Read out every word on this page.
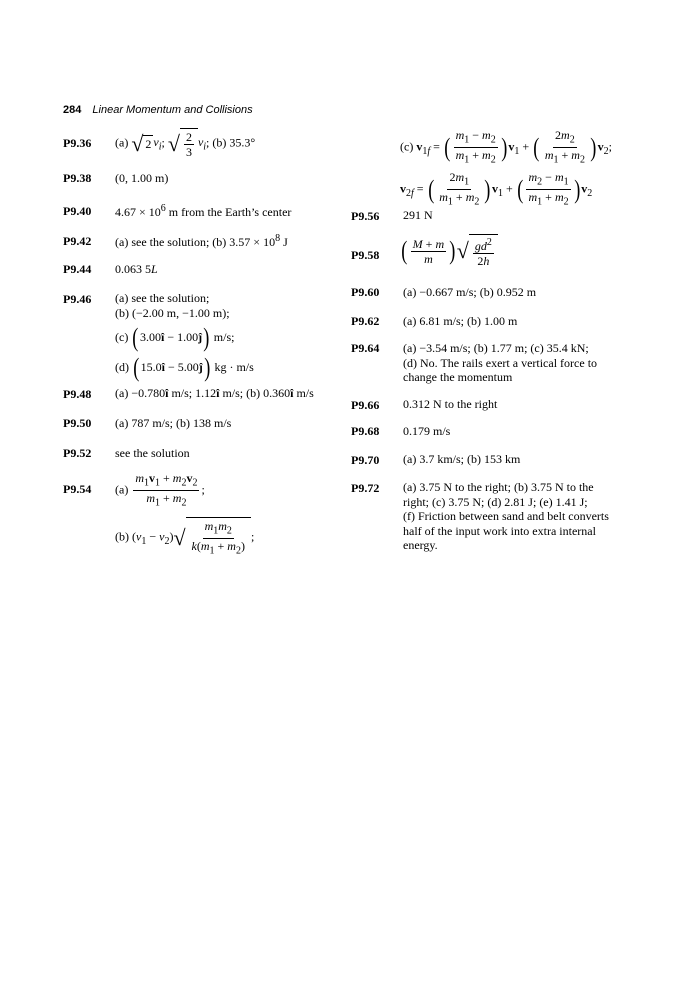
284 Linear Momentum and Collisions
P9.36 (a) √ 2 $v_i$; √ $\frac{2}{3} v_i$; (b) 35.3°
P9.38 (0, 1.00 m)
P9.40 $4.67 \times 10^6$ m from the Earth’s center
P9.42 (a) see the solution; (b) $3.57 \times 10^8$ J
P9.44 0.063 5L
P9.46 (a) see the solution;
(b) (−2.00 m, −1.00 m);
(c) (3.00î − 1.00ĵ) m/s;
(d) (15.0î − 5.00ĵ) kg · m/s
P9.48 (a) −0.780î m/s; 1.12î m/s; (b) 0.360î m/s
P9.50 (a) 787 m/s; (b) 138 m/s
P9.52 see the solution
P9.54 $(a) \frac{m_1v_1 + m_2v_2}{m_1 + m_2}$ ;
(b) $(v_1 - v_2)$ √ $\frac{m_1m_2}{k(m_1 + m_2)}$ ;
(c) $v_{1f}$ = ( $\frac{m_1 - m_2}{m_1 + m_2} )v_1$ + ( $\frac{2m_2}{m_1 + m_2} )v_2$;
$v_{2f}$ = ( $\frac{2m_1}{m_1 + m_2} )v_1$ + ( $\frac{m_2 - m_1}{m_1 + m_2} )v_2$
P9.56 291 N
P9.58 ( $\frac{M + m}{m}$ ) √ $\frac{gd^2}{2h}$
P9.60 (a) −0.667 m/s; (b) 0.952 m
P9.62 (a) 6.81 m/s; (b) 1.00 m
P9.64 (a) −3.54 m/s; (b) 1.77 m; (c) 35.4 kN;
(d) No. The rails exert a vertical force to
change the momentum
P9.66 0.312 N to the right
P9.68 0.179 m/s
P9.70 (a) 3.7 km/s; (b) 153 km
P9.72 (a) 3.75 N to the right; (b) 3.75 N to the
right; (c) 3.75 N; (d) 2.81 J; (e) 1.41 J;
(f) Friction between sand and belt converts
half of the input work into extra internal
energy.
